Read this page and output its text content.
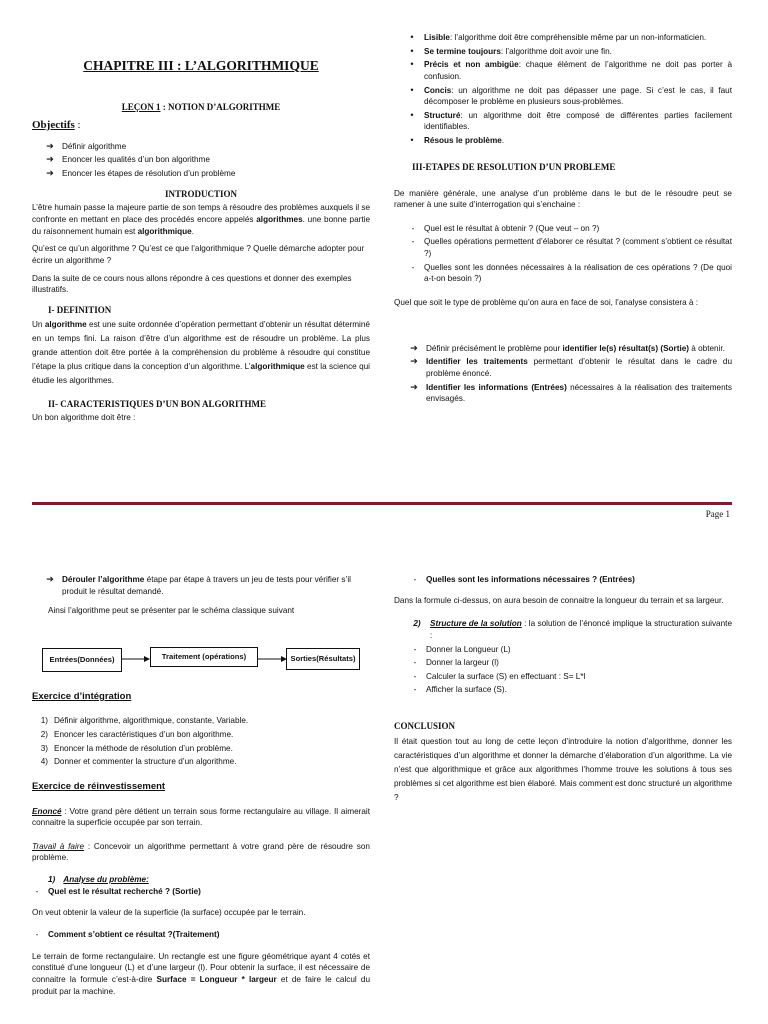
CHAPITRE III : L’ALGORITHMIQUE
LEÇON 1 : NOTION D’ALGORITHME
Objectifs :
➔ Définir algorithme
➔ Enoncer les qualités d’un bon algorithme
➔ Enoncer les étapes de résolution d’un problème
INTRODUCTION

L’être humain passe la majeure partie de son temps à résoudre des problèmes auxquels il se confronte en mettant en place des procédés encore appelés algorithmes. une bonne partie du raisonnement humain est algorithmique.

Qu’est ce qu’un algorithme ? Qu’est ce que l’algorithmique ? Quelle démarche adopter pour écrire un algorithme ?

Dans la suite de ce cours nous allons répondre à ces questions et donner des exemples illustratifs.

I- DEFINITION

Un algorithme est une suite ordonnée d’opération permettant d’obtenir un résultat déterminé en un temps fini. La raison d’être d’un algorithme est de résoudre un problème. La plus grande attention doit être portée à la compréhension du problème à résoudre qui constitue l’étape la plus critique dans la conception d’un algorithme. L’algorithmique est la science qui étudie les algorithmes.

II- CARACTERISTIQUES D’UN BON ALGORITHME

Un bon algorithme doit être :

•	Lisible: l’algorithme doit être compréhensible même par un non-informaticien.
•	Se termine toujours: l’algorithme doit avoir une fin.
•	Précis et non ambigüe: chaque élément de l’algorithme ne doit pas porter à confusion.
•	Concis: un algorithme ne doit pas dépasser une page. Si c’est le cas, il faut décomposer le problème en plusieurs sous-problèmes.
•	Structuré: un algorithme doit être composé de différentes parties facilement identifiables.
•	Résous le problème.
III-ETAPES DE RESOLUTION D’UN PROBLEME

De manière générale, une analyse d’un problème dans le but de le résoudre peut se ramener à une suite d’interrogation qui s’enchaine :

-	Quel est le résultat à obtenir ? (Que veut – on ?)
-	Quelles opérations permettent d’élaborer ce résultat ? (comment s’obtient ce résultat ?)
-	Quelles sont les données nécessaires à la réalisation de ces opérations ? (De quoi a-t-on besoin ?)

Quel que soit le type de problème qu’on aura en face de soi, l’analyse consistera à :

➔ Définir précisément le problème pour identifier le(s) résultat(s) (Sortie) à obtenir.
➔ Identifier les traitements permettant d’obtenir le résultat dans le cadre du problème énoncé.
➔ Identifier les informations (Entrées) nécessaires à la réalisation des traitements envisagés.
Page 1
➔ Dérouler l’algorithme étape par étape à travers un jeu de tests pour vérifier s’il produit le résultat demandé.

Ainsi l’algorithme peut se présenter par le schéma classique suivant

Entrées(Données)	Traitement (opérations)	Sorties(Résultats)
Exercice d’intégration
1) Définir algorithme, algorithmique, constante, Variable.
2) Enoncer les caractéristiques d’un bon algorithme.
3) Enoncer la méthode de résolution d’un problème.
4) Donner et commenter la structure d’un algorithme.
Exercice de réinvestissement

Enoncé : Votre grand père détient un terrain sous forme rectangulaire au village. Il aimerait connaitre la superficie occupée par son terrain.

Travail à faire : Concevoir un algorithme permettant à votre grand père de résoudre son problème.

1) Analyse du problème:
-	Quel est le résultat recherché ? (Sortie)

On veut obtenir la valeur de la superficie (la surface) occupée par le terrain.

-	Comment s’obtient ce résultat ?(Traitement)

Le terrain de forme rectangulaire. Un rectangle est une figure géométrique ayant 4 cotés et constitué d’une longueur (L) et d’une largeur (l). Pour obtenir la surface, il est nécessaire de connaitre la formule c’est-à-dire Surface = Longueur * largeur et de faire le calcul du produit par la machine.

-	Quelles sont les informations nécessaires ? (Entrées)

Dans la formule ci-dessus, on aura besoin de connaitre la longueur du terrain et sa largeur.

2)	Structure de la solution : la solution de l’énoncé implique la structuration suivante :
-	Donner la Longueur (L)
-	Donner la largeur (l)
-	Calculer la surface (S) en effectuant : S= L*l
-	Afficher la surface (S).
CONCLUSION

Il était question tout au long de cette leçon d’introduire la notion d’algorithme, donner les caractéristiques d’un algorithme et donner la démarche d’élaboration d’un algorithme. La vie n’est que algorithmique et grâce aux algorithmes l’homme trouve les solutions à tous ses problèmes si cet algorithme est bien élaboré. Mais comment est donc structuré un algorithme ?
